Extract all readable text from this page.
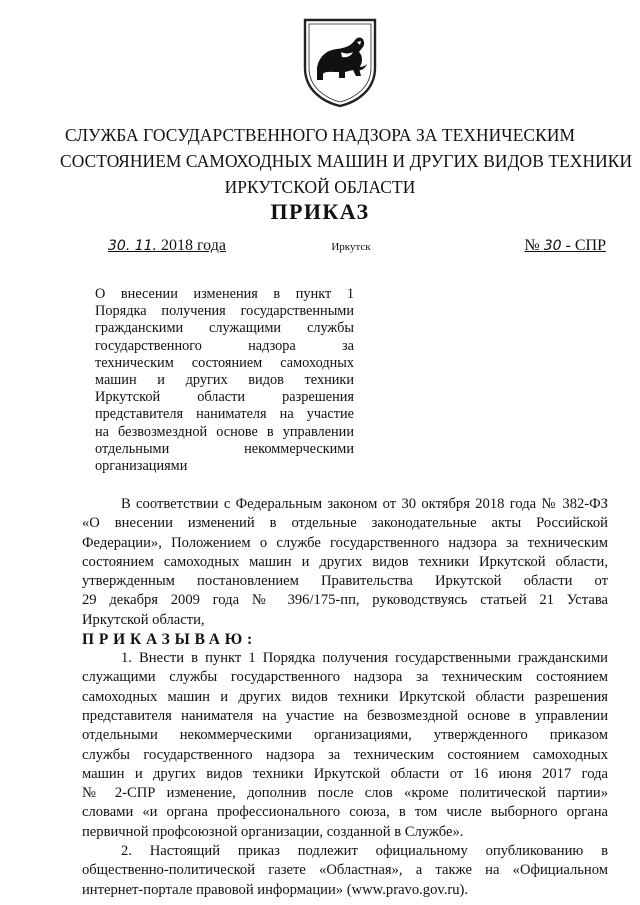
СЛУЖБА ГОСУДАРСТВЕННОГО НАДЗОРА ЗА ТЕХНИЧЕСКИМ
СОСТОЯНИЕМ САМОХОДНЫХ МАШИН И ДРУГИХ ВИДОВ ТЕХНИКИ
ИРКУТСКОЙ ОБЛАСТИ
ПРИКАЗ
30. 11. 2018 года	Иркутск	№ 30 - СПР
О внесении изменения в пункт 1
Порядка получения государственными
гражданскими служащими службы
государственного надзора за
техническим состоянием самоходных
машин и других видов техники
Иркутской области разрешения
представителя нанимателя на участие
на безвозмездной основе в управлении
отдельными некоммерческими
организациями

В соответствии с Федеральным законом от 30 октября 2018 года № 382-ФЗ
«О внесении изменений в отдельные законодательные акты Российской
Федерации», Положением о службе государственного надзора за техническим
состоянием самоходных машин и других видов техники Иркутской области,
утвержденным постановлением Правительства Иркутской области от
29 декабря 2009 года № 396/175-пп, руководствуясь статьей 21 Устава
Иркутской области,

ПРИКАЗЫВАЮ:

1. Внести в пункт 1 Порядка получения государственными гражданскими
служащими службы государственного надзора за техническим состоянием
самоходных машин и других видов техники Иркутской области разрешения
представителя нанимателя на участие на безвозмездной основе в управлении
отдельными некоммерческими организациями, утвержденного приказом
службы государственного надзора за техническим состоянием самоходных
машин и других видов техники Иркутской области от 16 июня 2017 года
№ 2-СПР изменение, дополнив после слов «кроме политической партии»
словами «и органа профессионального союза, в том числе выборного органа
первичной профсоюзной организации, созданной в Службе».

2. Настоящий приказ подлежит официальному опубликованию в
общественно-политической газете «Областная», а также на «Официальном
интернет-портале правовой информации» (www.pravo.gov.ru).
